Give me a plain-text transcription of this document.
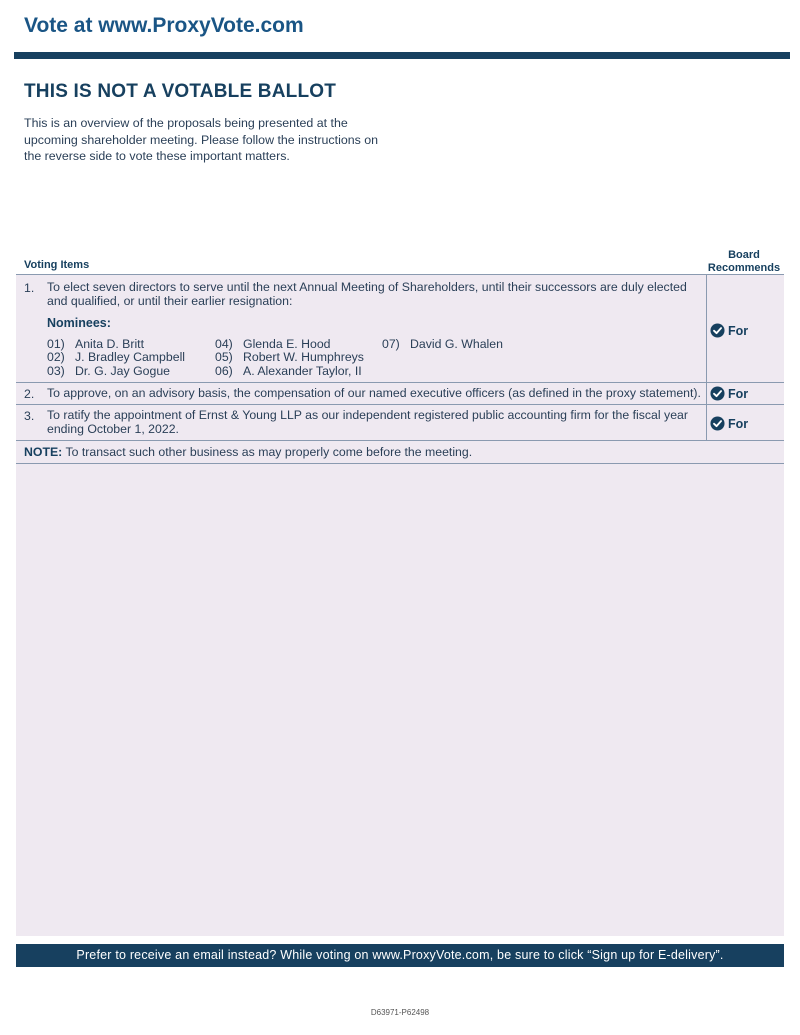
Vote at www.ProxyVote.com
THIS IS NOT A VOTABLE BALLOT
This is an overview of the proposals being presented at the
upcoming shareholder meeting. Please follow the instructions on
the reverse side to vote these important matters.
Voting Items
Board
Recommends
1. To elect seven directors to serve until the next Annual Meeting of Shareholders, until their successors are duly elected
and qualified, or until their earlier resignation:
Nominees:
01) Anita D. Britt
02) J. Bradley Campbell
03) Dr. G. Jay Gogue
04) Glenda E. Hood
05) Robert W. Humphreys
06) A. Alexander Taylor, II
07) David G. Whalen
For
2. To approve, on an advisory basis, the compensation of our named executive officers (as defined in the proxy statement).	For
3. To ratify the appointment of Ernst & Young LLP as our independent registered public accounting firm for the fiscal year
ending October 1, 2022.	For
NOTE: To transact such other business as may properly come before the meeting.
Prefer to receive an email instead? While voting on www.ProxyVote.com, be sure to click “Sign up for E-delivery”.
D63971-P62498
